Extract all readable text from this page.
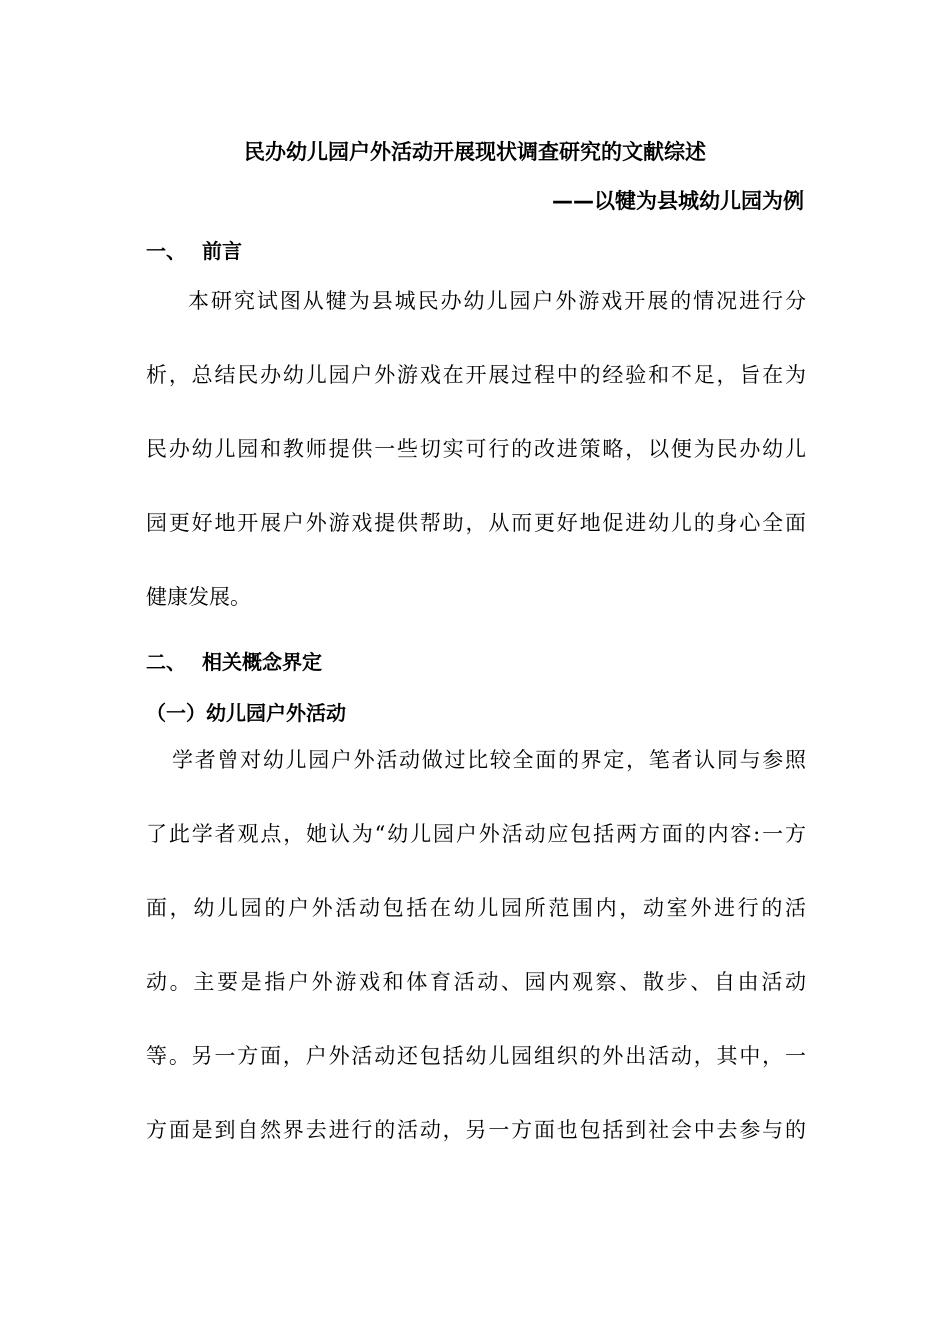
民办幼儿园户外活动开展现状调查研究的文献综述
——以犍为县城幼儿园为例
一、 前言
本研究试图从犍为县城民办幼儿园户外游戏开展的情况进行分
析，总结民办幼儿园户外游戏在开展过程中的经验和不足，旨在为
民办幼儿园和教师提供一些切实可行的改进策略，以便为民办幼儿
园更好地开展户外游戏提供帮助，从而更好地促进幼儿的身心全面
健康发展。
二、 相关概念界定
（一）幼儿园户外活动
学者曾对幼儿园户外活动做过比较全面的界定，笔者认同与参照
了此学者观点，她认为“幼儿园户外活动应包括两方面的内容:一方
面，幼儿园的户外活动包括在幼儿园所范围内，动室外进行的活
动。主要是指户外游戏和体育活动、园内观察、散步、自由活动
等。另一方面，户外活动还包括幼儿园组织的外出活动，其中，一
方面是到自然界去进行的活动，另一方面也包括到社会中去参与的
